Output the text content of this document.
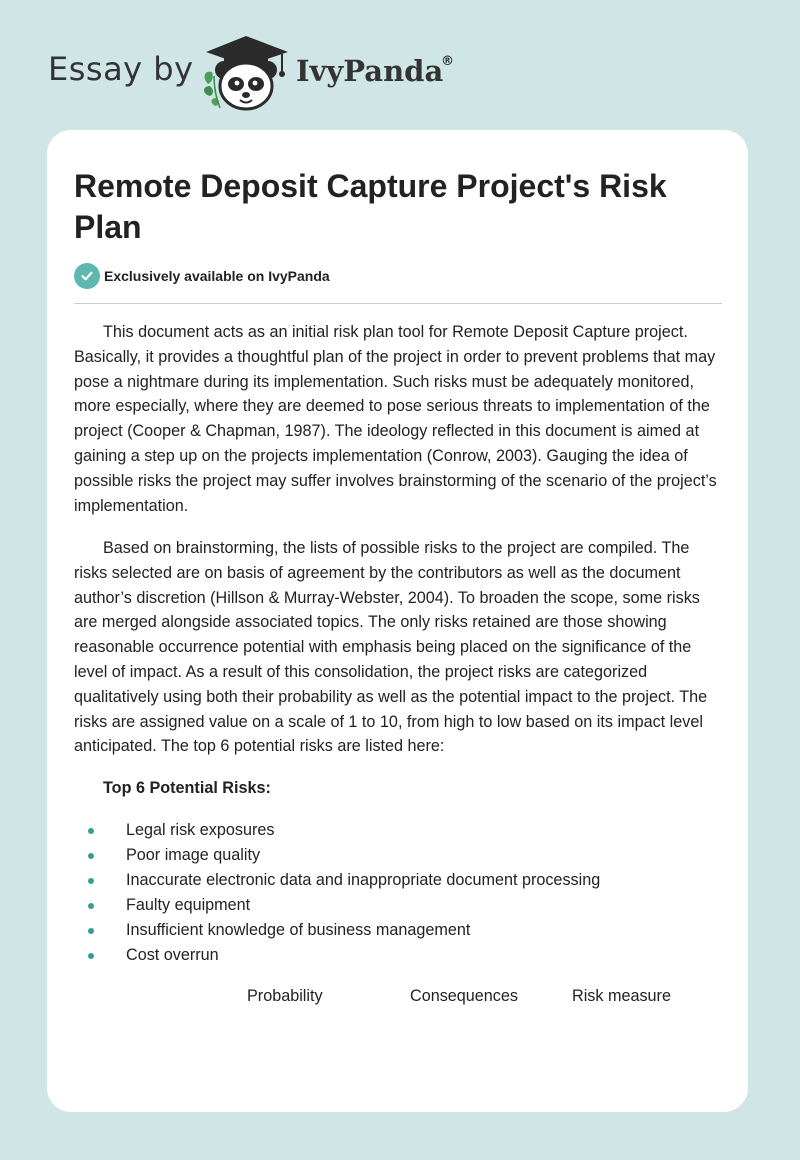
Essay by	IvyPanda
®
Remote Deposit Capture Project's Risk Plan
Exclusively available on IvyPanda

This document acts as an initial risk plan tool for Remote Deposit Capture project. Basically, it provides a thoughtful plan of the project in order to prevent problems that may pose a nightmare during its implementation. Such risks must be adequately monitored, more especially, where they are deemed to pose serious threats to implementation of the project (Cooper & Chapman, 1987). The ideology reflected in this document is aimed at gaining a step up on the projects implementation (Conrow, 2003). Gauging the idea of possible risks the project may suffer involves brainstorming of the scenario of the project’s implementation.

Based on brainstorming, the lists of possible risks to the project are compiled. The risks selected are on basis of agreement by the contributors as well as the document author’s discretion (Hillson & Murray-Webster, 2004). To broaden the scope, some risks are merged alongside associated topics. The only risks retained are those showing reasonable occurrence potential with emphasis being placed on the significance of the level of impact. As a result of this consolidation, the project risks are categorized qualitatively using both their probability as well as the potential impact to the project. The risks are assigned value on a scale of 1 to 10, from high to low based on its impact level anticipated. The top 6 potential risks are listed here:

Top 6 Potential Risks:
Legal risk exposures
Poor image quality
Inaccurate electronic data and inappropriate document processing
Faulty equipment
Insufficient knowledge of business management
Cost overrun
Probability	Consequences	Risk measure
